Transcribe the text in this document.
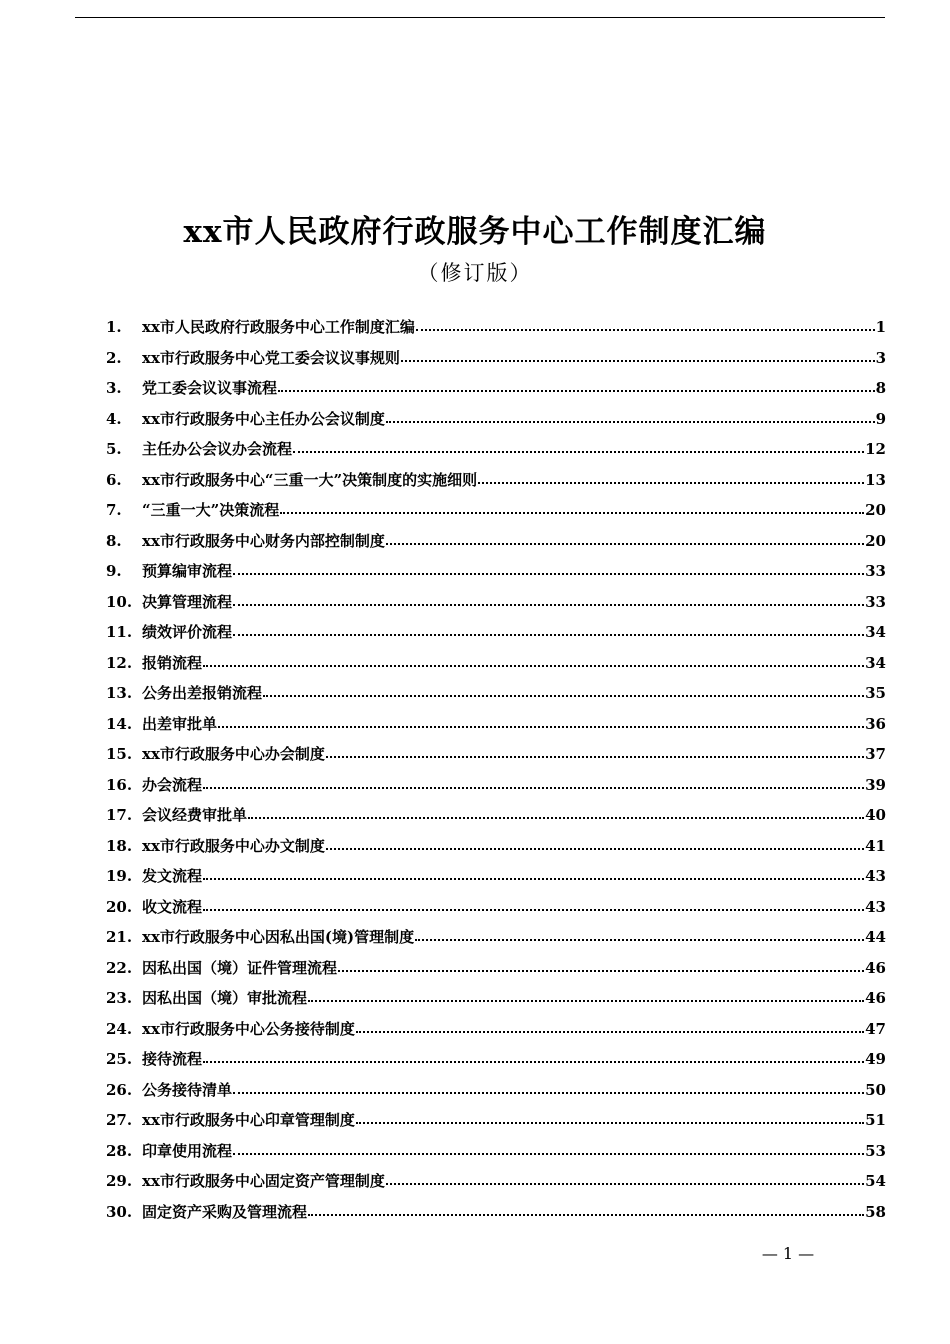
xx市人民政府行政服务中心工作制度汇编
（修订版）
1.	xx市人民政府行政服务中心工作制度汇编	1
2.	xx市行政服务中心党工委会议议事规则	3
3.	党工委会议议事流程	8
4.	xx市行政服务中心主任办公会议制度	9
5.	主任办公会议办会流程	12
6.	xx市行政服务中心“三重一大”决策制度的实施细则	13
7.	“三重一大”决策流程	20
8.	xx市行政服务中心财务内部控制制度	20
9.	预算编审流程	33
10. 决算管理流程	33
11. 绩效评价流程	34
12. 报销流程	34
13. 公务出差报销流程	35
14. 出差审批单	36
15. xx市行政服务中心办会制度	37
16. 办会流程	39
17. 会议经费审批单	40
18. xx市行政服务中心办文制度	41
19. 发文流程	43
20. 收文流程	43
21. xx市行政服务中心因私出国(境)管理制度	44
22. 因私出国（境）证件管理流程	46
23. 因私出国（境）审批流程	46
24. xx市行政服务中心公务接待制度	47
25. 接待流程	49
26. 公务接待清单	50
27. xx市行政服务中心印章管理制度	51
28. 印章使用流程	53
29. xx市行政服务中心固定资产管理制度	54
30. 固定资产采购及管理流程	58
— 1 —
